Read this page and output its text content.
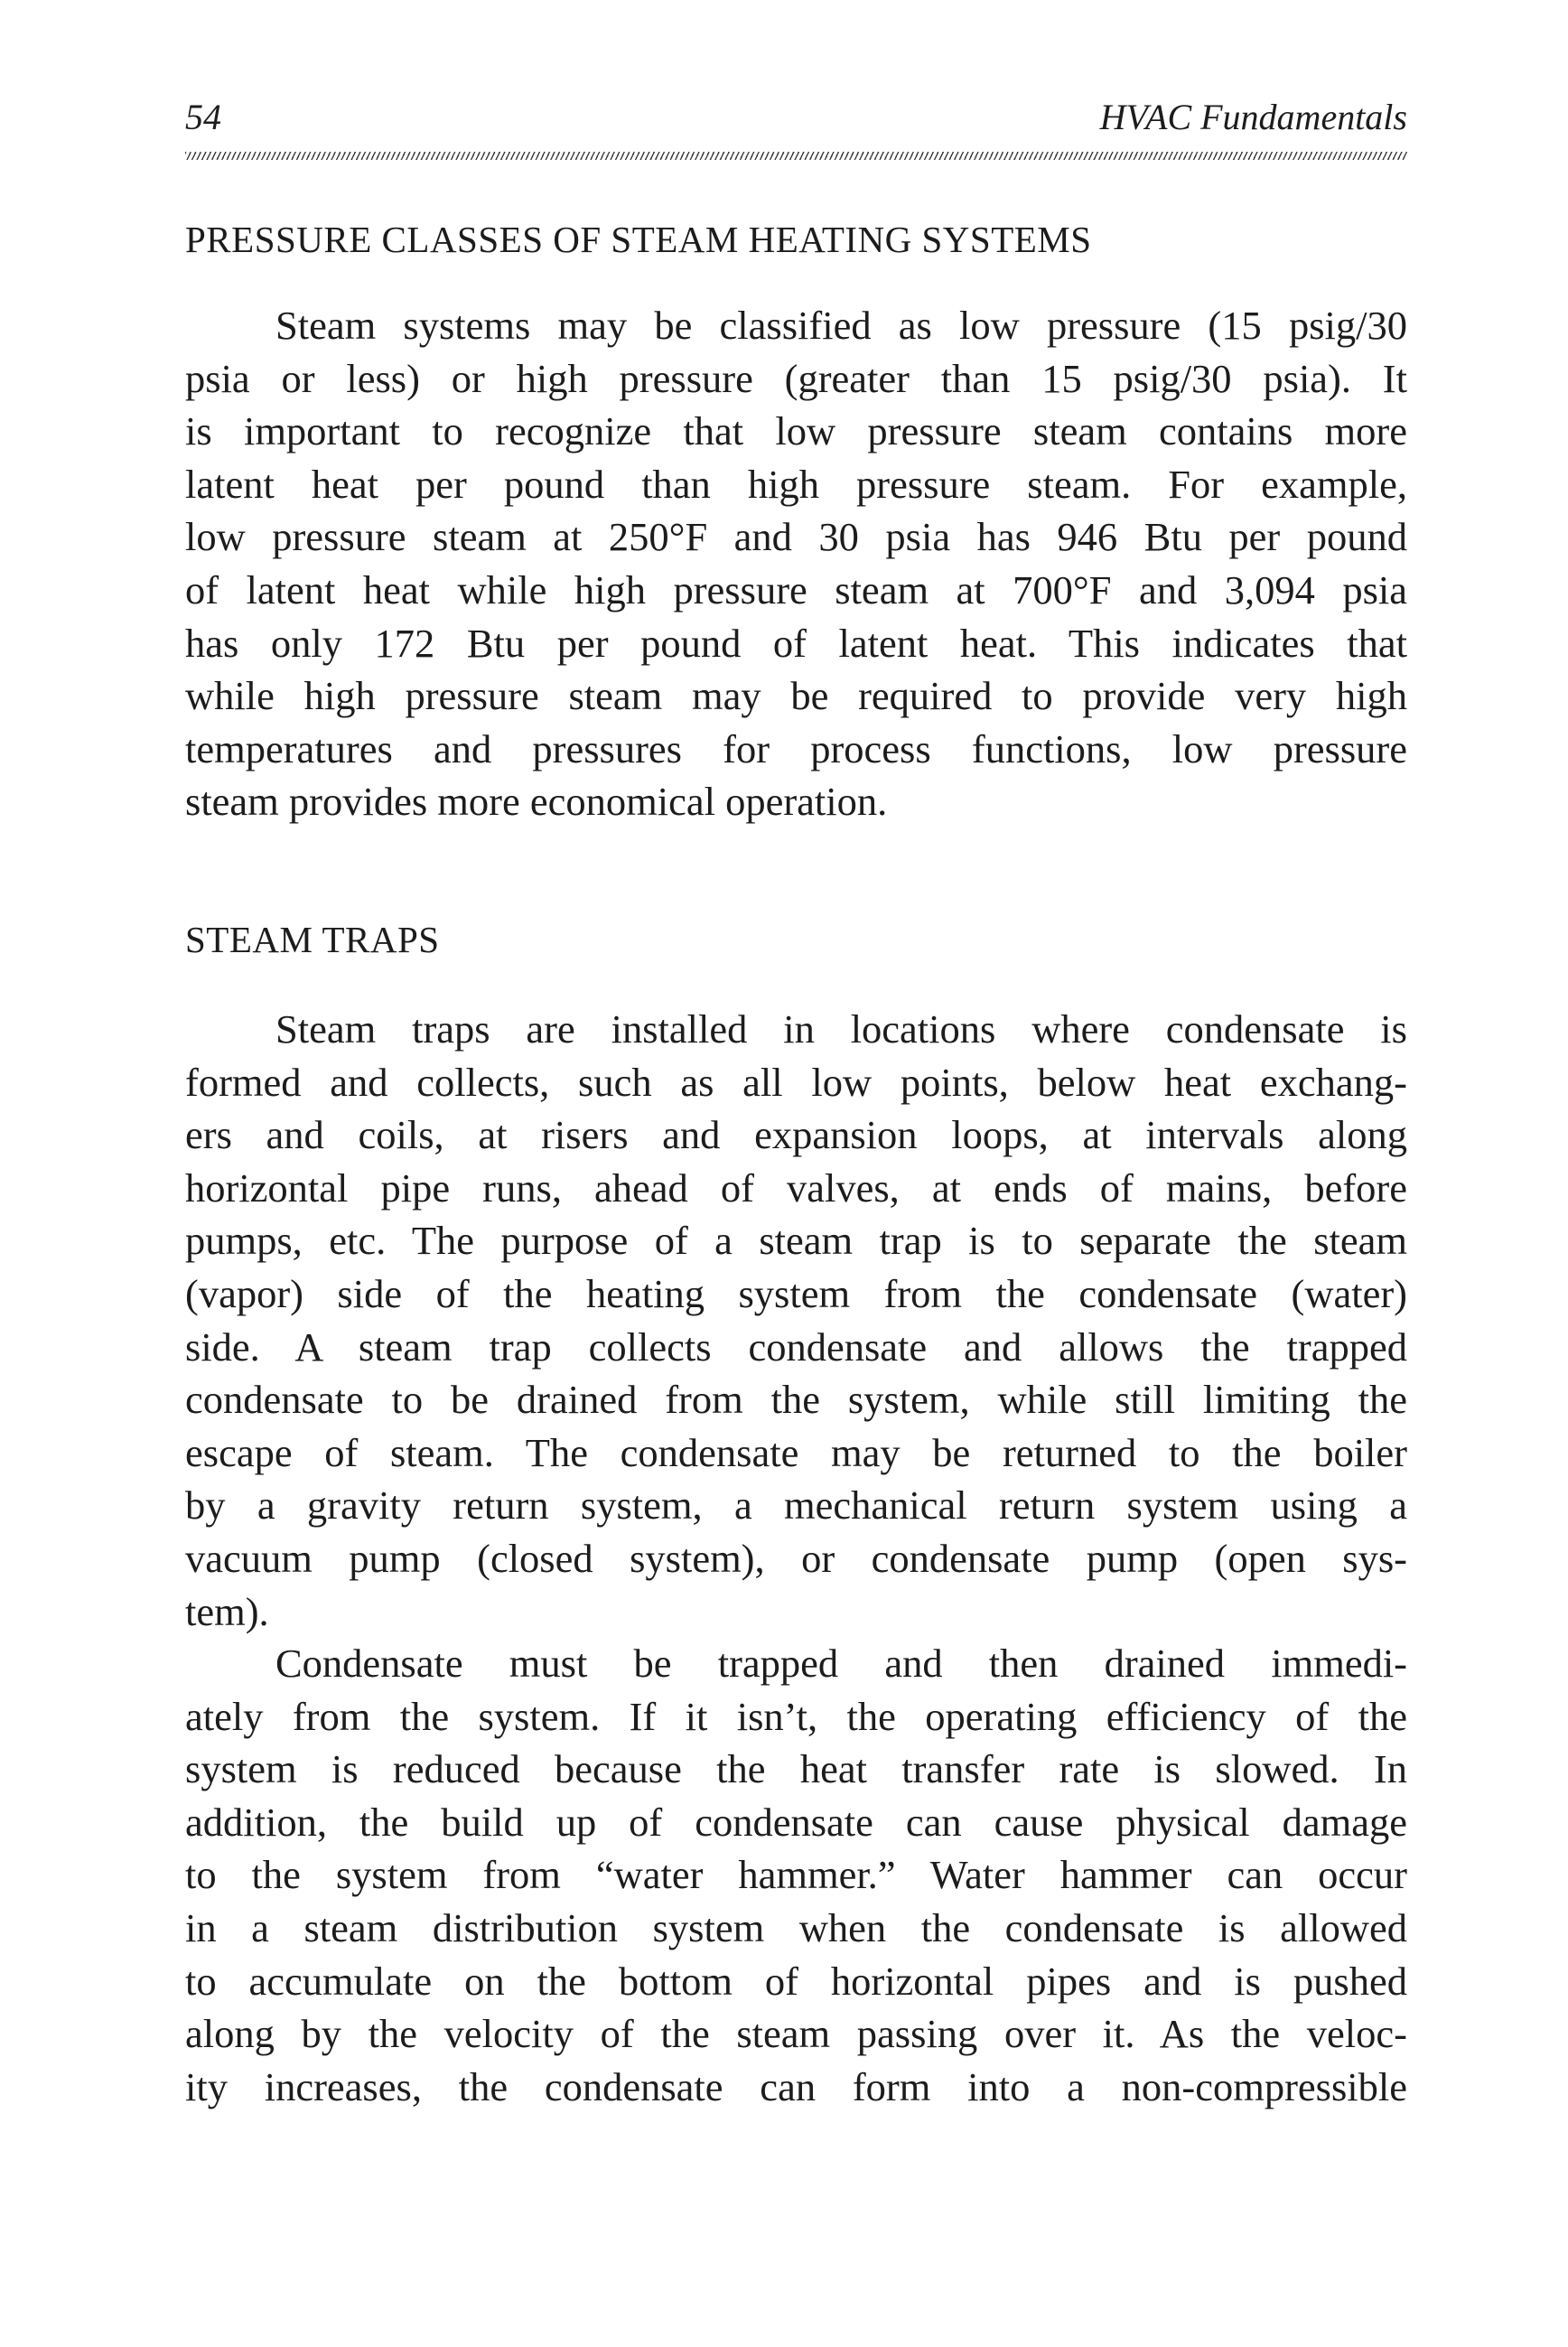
54	HVAC Fundamentals
PRESSURE CLASSES OF STEAM HEATING SYSTEMS
Steam systems may be classified as low pressure (15 psig/30
psia or less) or high pressure (greater than 15 psig/30 psia). It
is important to recognize that low pressure steam contains more
latent heat per pound than high pressure steam. For example,
low pressure steam at 250°F and 30 psia has 946 Btu per pound
of latent heat while high pressure steam at 700°F and 3,094 psia
has only 172 Btu per pound of latent heat. This indicates that
while high pressure steam may be required to provide very high
temperatures and pressures for process functions, low pressure
steam provides more economical operation.
STEAM TRAPS
Steam traps are installed in locations where condensate is
formed and collects, such as all low points, below heat exchang-
ers and coils, at risers and expansion loops, at intervals along
horizontal pipe runs, ahead of valves, at ends of mains, before
pumps, etc. The purpose of a steam trap is to separate the steam
(vapor) side of the heating system from the condensate (water)
side. A steam trap collects condensate and allows the trapped
condensate to be drained from the system, while still limiting the
escape of steam. The condensate may be returned to the boiler
by a gravity return system, a mechanical return system using a
vacuum pump (closed system), or condensate pump (open sys-
tem).
Condensate must be trapped and then drained immedi-
ately from the system. If it isn’t, the operating efficiency of the
system is reduced because the heat transfer rate is slowed. In
addition, the build up of condensate can cause physical damage
to the system from “water hammer.” Water hammer can occur
in a steam distribution system when the condensate is allowed
to accumulate on the bottom of horizontal pipes and is pushed
along by the velocity of the steam passing over it. As the veloc-
ity increases, the condensate can form into a non-compressible
